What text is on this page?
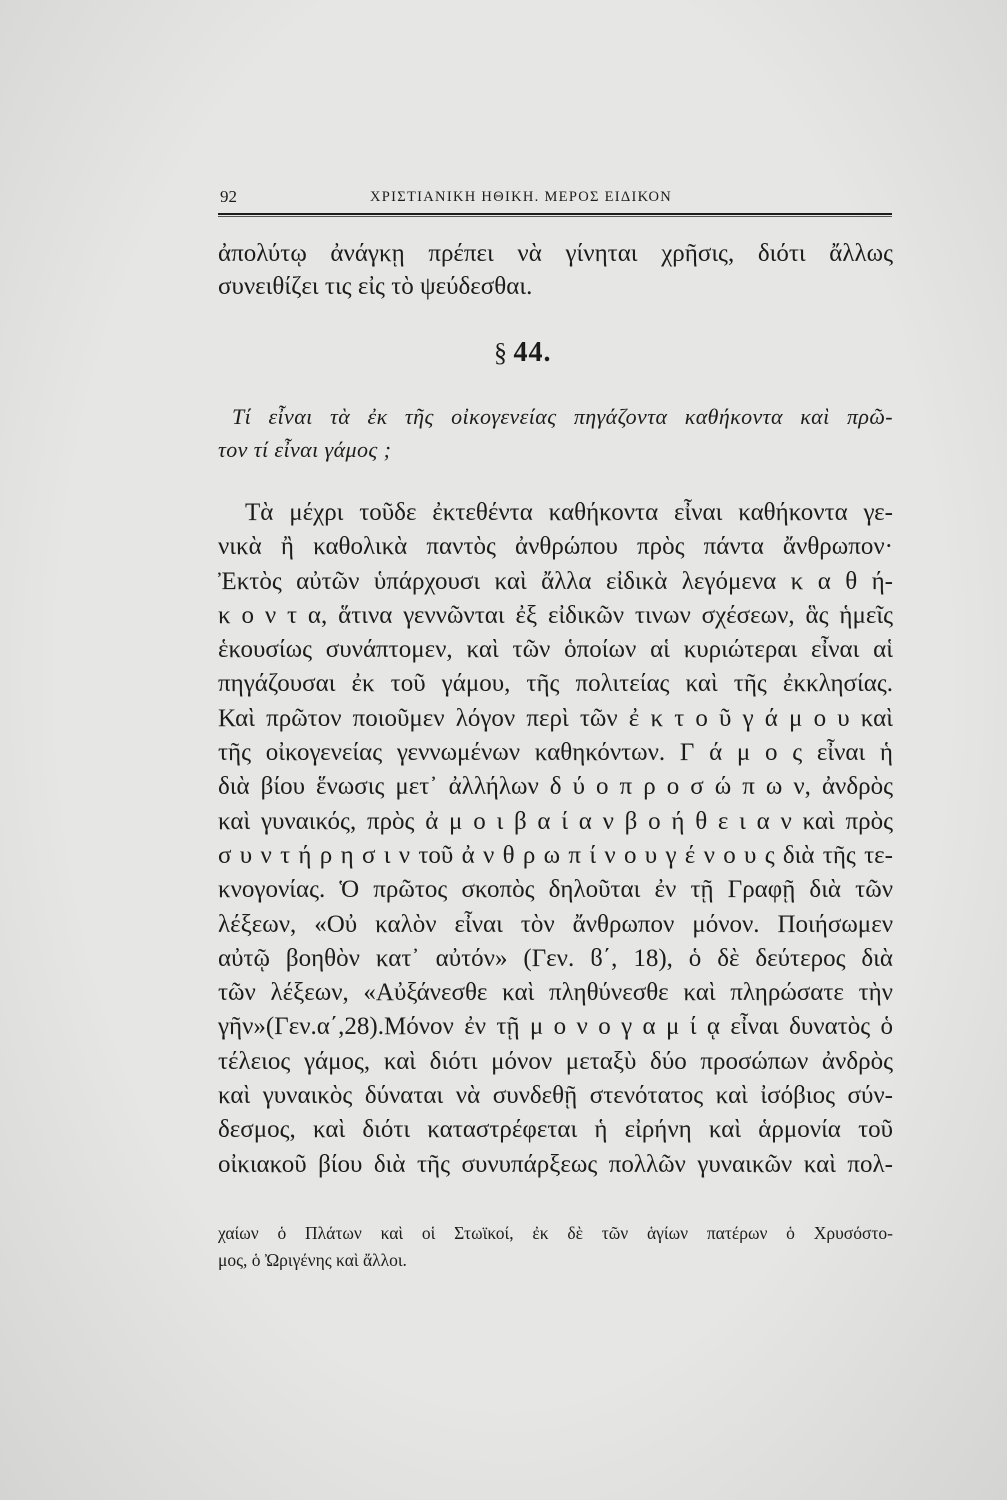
92	ΧΡΙΣΤΙΑΝΙΚΗ ΗΘΙΚΗ. ΜΕΡΟΣ ΕΙΔΙΚΟΝ
ἀπολύτῳ ἀνάγκῃ πρέπει νὰ γίνηται χρῆσις, διότι ἄλλως
συνειθίζει τις εἰς τὸ ψεύδεσθαι.
§ 44.
Τί εἶναι τὰ ἐκ τῆς οἰκογενείας πηγάζοντα καθήκοντα καὶ πρῶ-
τον τί εἶναι γάμος ;
Τὰ μέχρι τοῦδε ἐκτεθέντα καθήκοντα εἶναι καθήκοντα γε-
νικὰ ἢ καθολικὰ παντὸς ἀνθρώπου πρὸς πάντα ἄνθρωπον·
Ἐκτὸς αὐτῶν ὑπάρχουσι καὶ ἄλλα εἰδικὰ λεγόμενα κ α θ ή-
κ ο ν τ α, ἅτινα γεννῶνται ἐξ εἰδικῶν τινων σχέσεων, ἃς ἡμεῖς
ἑκουσίως συνάπτομεν, καὶ τῶν ὁποίων αἱ κυριώτεραι εἶναι αἱ
πηγάζουσαι ἐκ τοῦ γάμου, τῆς πολιτείας καὶ τῆς ἐκκλησίας.
Καὶ πρῶτον ποιοῦμεν λόγον περὶ τῶν ἐ κ τ ο ῦ γ ά μ ο υ καὶ
τῆς οἰκογενείας γεννωμένων καθηκόντων. Γ ά μ ο ς εἶναι ἡ
διὰ βίου ἕνωσις μετ᾽ ἀλλήλων δ ύ ο π ρ ο σ ώ π ω ν, ἀνδρὸς
καὶ γυναικός, πρὸς ἀ μ ο ι β α ί α ν β ο ή θ ε ι α ν καὶ πρὸς
σ υ ν τ ή ρ η σ ι ν τοῦ ἀ ν θ ρ ω π ί ν ο υ γ έ ν ο υ ς διὰ τῆς τε-
κνογονίας. Ὁ πρῶτος σκοπὸς δηλοῦται ἐν τῇ Γραφῇ διὰ τῶν
λέξεων, «Οὐ καλὸν εἶναι τὸν ἄνθρωπον μόνον. Ποιήσωμεν
αὐτῷ βοηθὸν κατ᾽ αὐτόν» (Γεν. ϐ΄, 18), ὁ δὲ δεύτερος διὰ
τῶν λέξεων, «Αὐξάνεσθε καὶ πληθύνεσθε καὶ πληρώσατε τὴν
γῆν»(Γεν.α΄,28).Μόνον ἐν τῇ μ ο ν ο γ α μ ί ᾳ εἶναι δυνατὸς ὁ
τέλειος γάμος, καὶ διότι μόνον μεταξὺ δύο προσώπων ἀνδρὸς
καὶ γυναικὸς δύναται νὰ συνδεθῇ στενότατος καὶ ἰσόβιος σύν-
δεσμος, καὶ διότι καταστρέφεται ἡ εἰρήνη καὶ ἁρμονία τοῦ
οἰκιακοῦ βίου διὰ τῆς συνυπάρξεως πολλῶν γυναικῶν καὶ πολ-
χαίων ὁ Πλάτων καὶ οἱ Στωϊκοί, ἐκ δὲ τῶν ἁγίων πατέρων ὁ Χρυσόστο-
μος, ὁ Ὠριγένης καὶ ἄλλοι.
